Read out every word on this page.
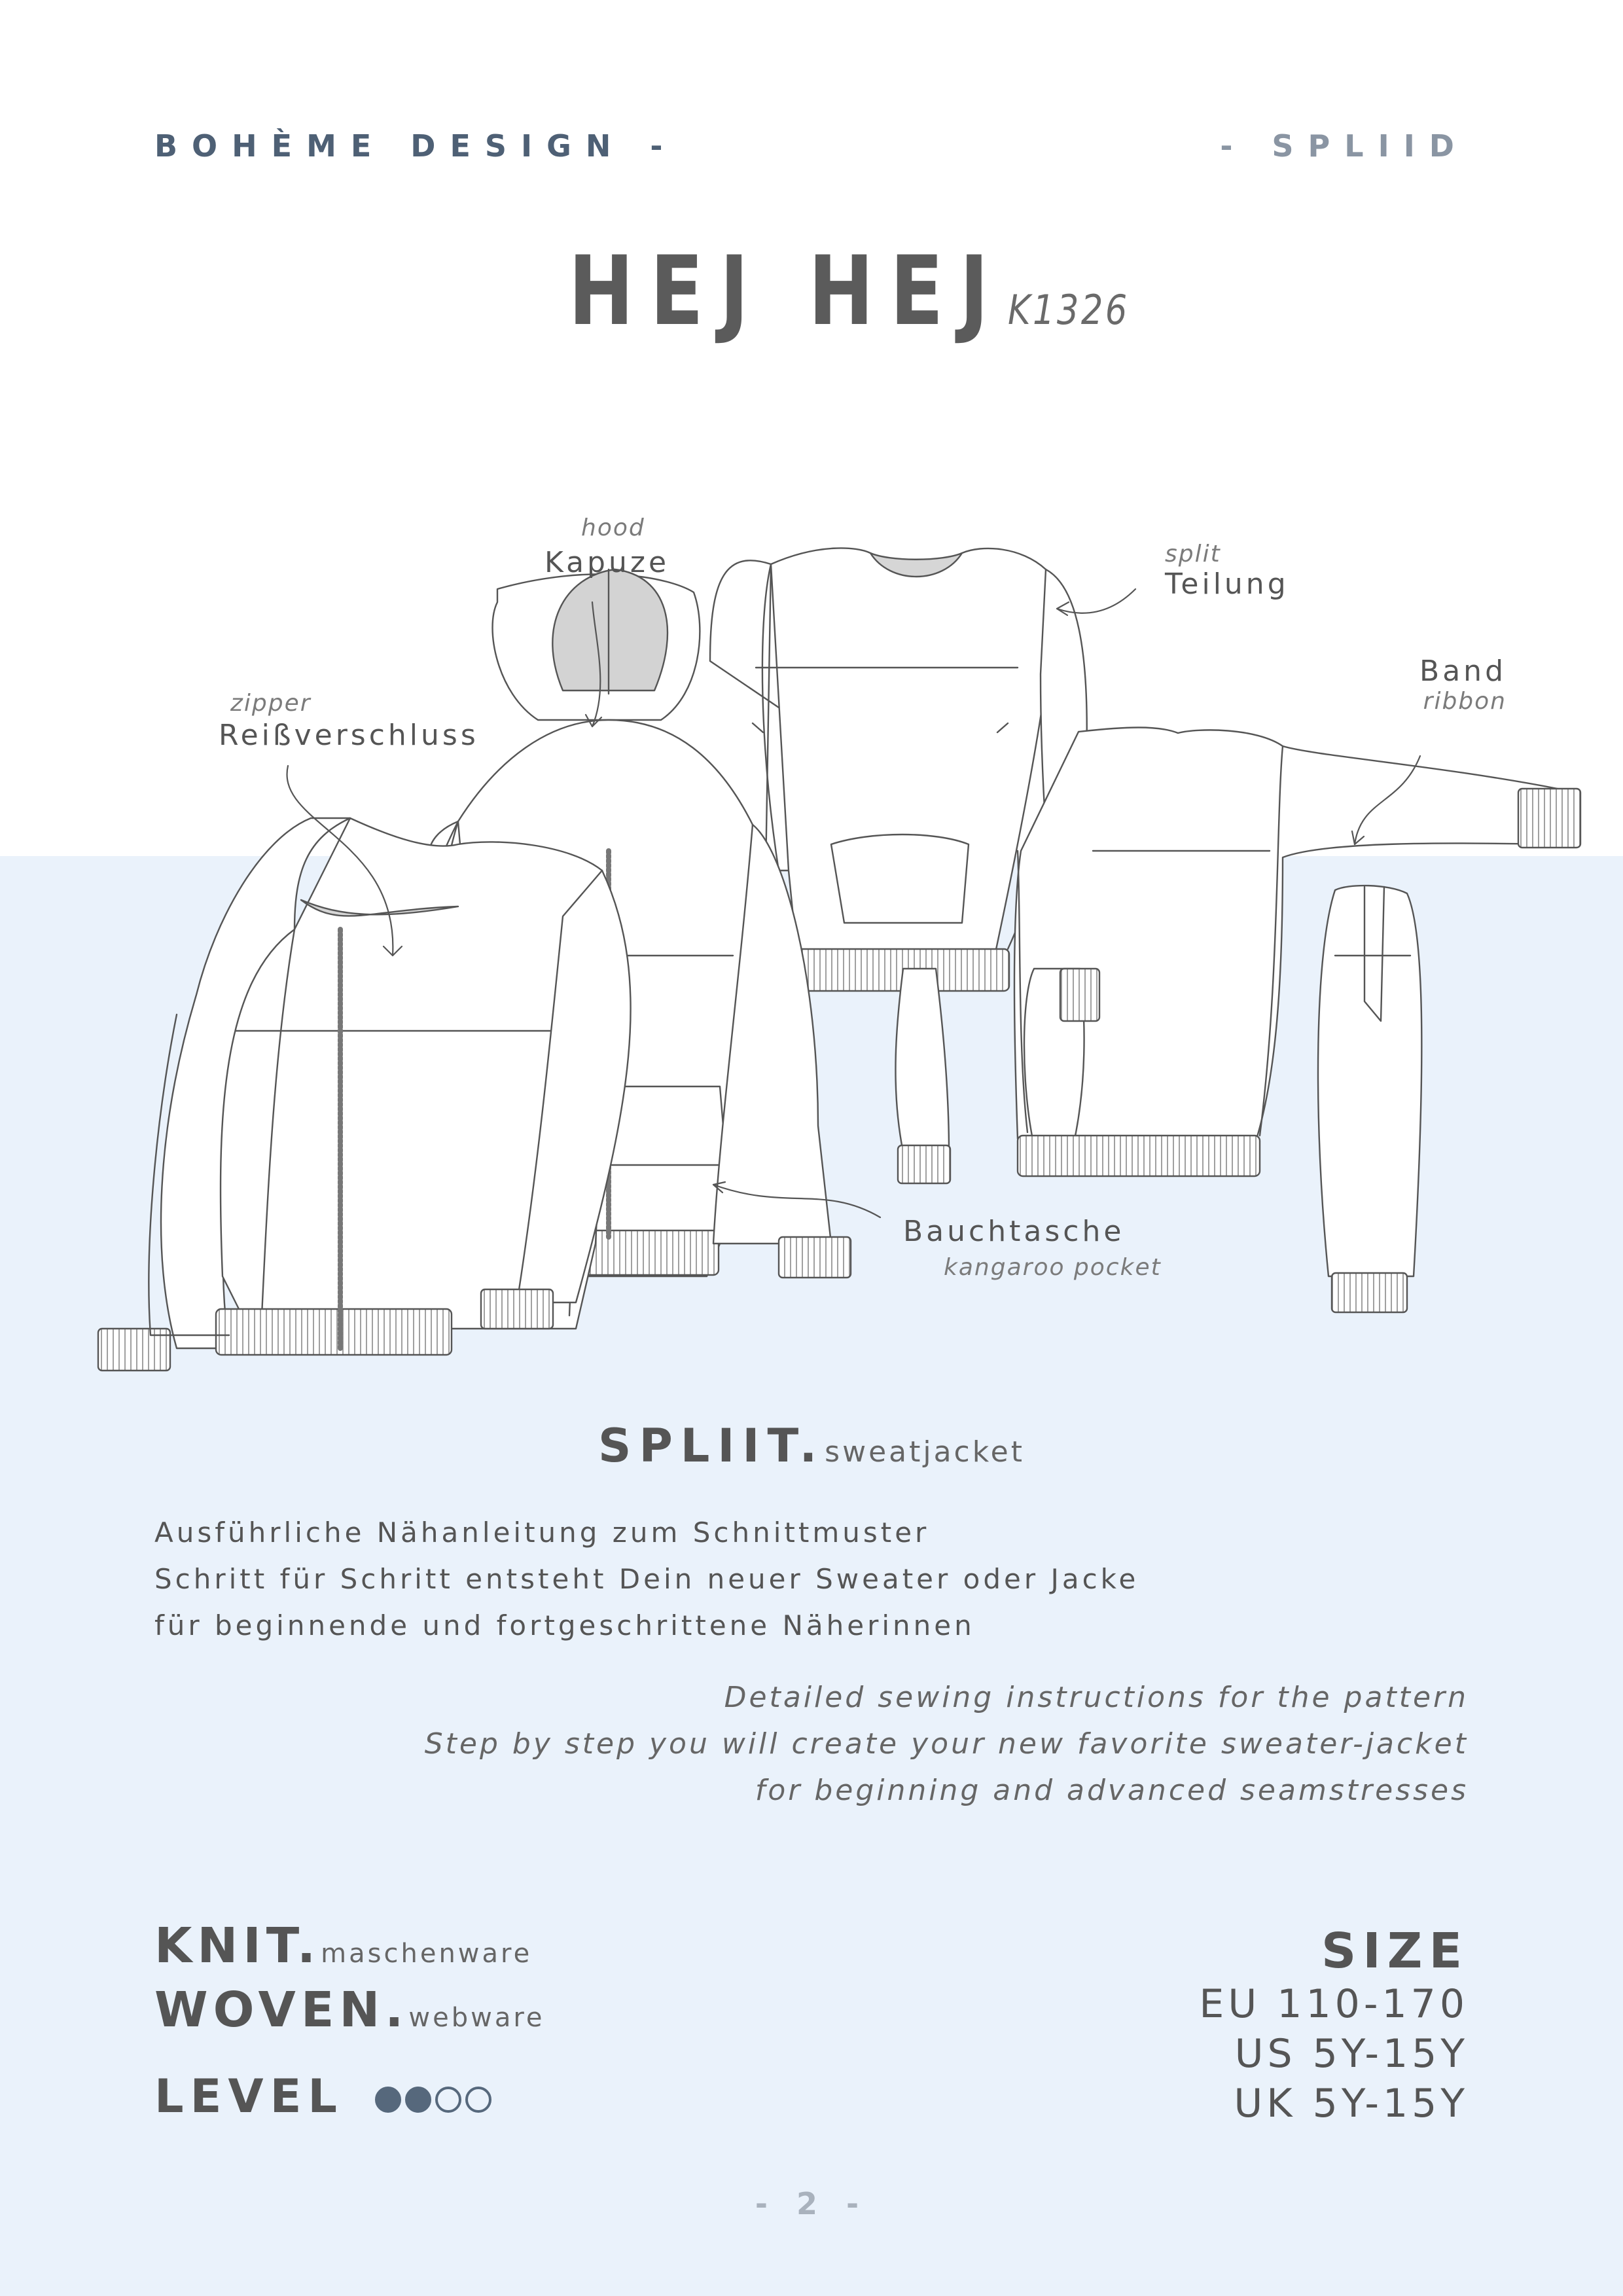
BOHÈME DESIGN -	- SPLIID
HEJ HEJ K1326
hood
Kapuze	split
Teilung
Band
ribbon
zipper
Reißverschluss
Bauchtasche
kangaroo pocket
SPLIIT.sweatjacket
Ausführliche Nähanleitung zum Schnittmuster
Schritt für Schritt entsteht Dein neuer Sweater oder Jacke
für beginnende und fortgeschrittene Näherinnen
Detailed sewing instructions for the pattern
Step by step you will create your new favorite sweater-jacket
for beginning and advanced seamstresses
KNIT.maschenware
WOVEN.webware
LEVEL
SIZE
EU 110-170
US 5Y-15Y
UK 5Y-15Y
- 2 -
